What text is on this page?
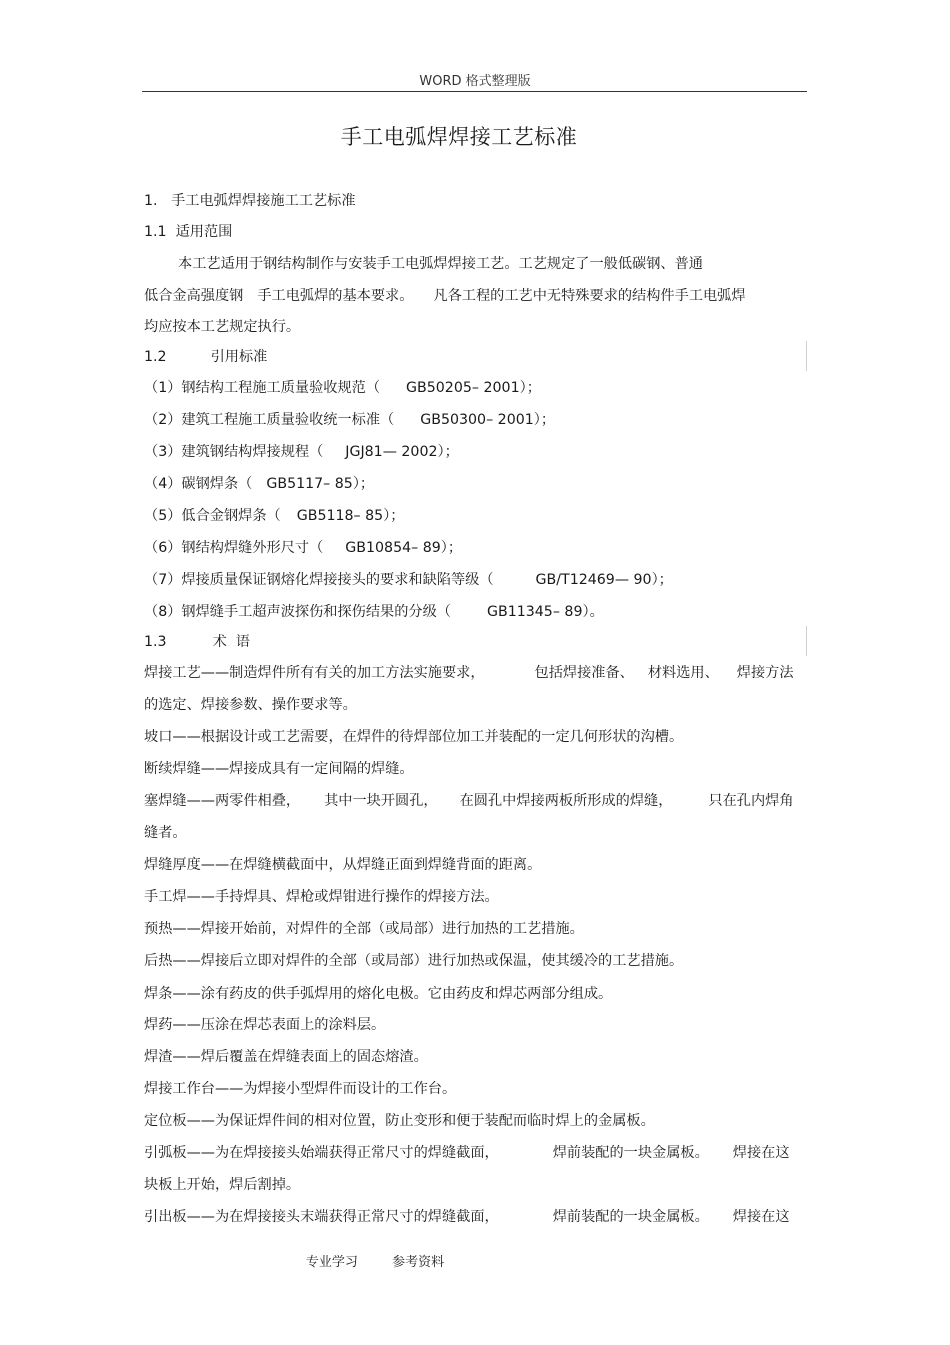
WORD 格式整理版
手工电弧焊焊接工艺标准
1.   手工电弧焊焊接施工工艺标准
1.1  适用范围
本工艺适用于钢结构制作与安装手工电弧焊焊接工艺。工艺规定了一般低碳钢、普通
低合金高强度钢 手工电弧焊的基本要求。 凡各工程的工艺中无特殊要求的结构件手工电弧焊
均应按本工艺规定执行。
1.2	引用标准
（1）钢结构工程施工质量验收规范（ GB50205– 2001）；
（2）建筑工程施工质量验收统一标准（ GB50300– 2001）；
（3）建筑钢结构焊接规程（ JGJ81— 2002）；
（4）碳钢焊条（ GB5117– 85）；
（5）低合金钢焊条（ GB5118– 85）；
（6）钢结构焊缝外形尺寸（ GB10854– 89）；
（7）焊接质量保证钢熔化焊接接头的要求和缺陷等级（	GB/T12469— 90）；
（8）钢焊缝手工超声波探伤和探伤结果的分级（	GB11345– 89）。
1.3	术  语
焊接工艺——制造焊件所有有关的加工方法实施要求，	包括焊接准备、 材料选用、 焊接方法
的选定、焊接参数、操作要求等。
坡口——根据设计或工艺需要，在焊件的待焊部位加工并装配的一定几何形状的沟槽。
断续焊缝——焊接成具有一定间隔的焊缝。
塞焊缝——两零件相叠， 其中一块开圆孔， 在圆孔中焊接两板所形成的焊缝，	只在孔内焊角
缝者。
焊缝厚度——在焊缝横截面中，从焊缝正面到焊缝背面的距离。
手工焊——手持焊具、焊枪或焊钳进行操作的焊接方法。
预热——焊接开始前，对焊件的全部（或局部）进行加热的工艺措施。
后热——焊接后立即对焊件的全部（或局部）进行加热或保温，使其缓冷的工艺措施。
焊条——涂有药皮的供手弧焊用的熔化电极。它由药皮和焊芯两部分组成。
焊药——压涂在焊芯表面上的涂料层。
焊渣——焊后覆盖在焊缝表面上的固态熔渣。
焊接工作台——为焊接小型焊件而设计的工作台。
定位板——为保证焊件间的相对位置，防止变形和便于装配而临时焊上的金属板。
引弧板——为在焊接接头始端获得正常尺寸的焊缝截面，	焊前装配的一块金属板。 焊接在这
块板上开始，焊后割掉。
引出板——为在焊接接头末端获得正常尺寸的焊缝截面，	焊前装配的一块金属板。 焊接在这
专业学习	参考资料
